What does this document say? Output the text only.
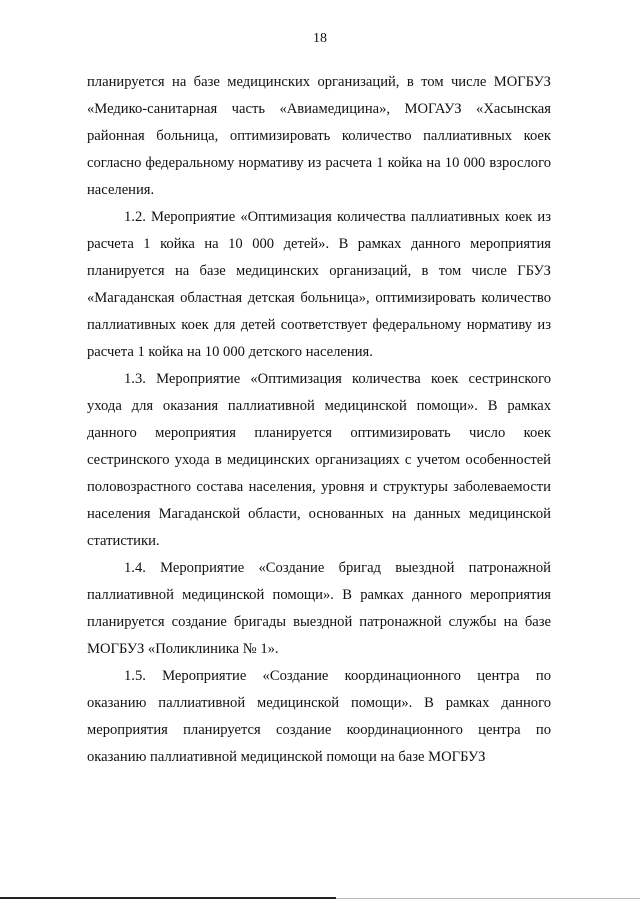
18

планируется на базе медицинских организаций, в том числе МОГБУЗ «Медико-санитарная часть «Авиамедицина», МОГАУЗ «Хасынская районная больница, оптимизировать количество паллиативных коек согласно федеральному нормативу из расчета 1 койка на 10 000 взрослого населения.

1.2. Мероприятие «Оптимизация количества паллиативных коек из расчета 1 койка на 10 000 детей». В рамках данного мероприятия планируется на базе медицинских организаций, в том числе ГБУЗ «Магаданская областная детская больница», оптимизировать количество паллиативных коек для детей соответствует федеральному нормативу из расчета 1 койка на 10 000 детского населения.

1.3. Мероприятие «Оптимизация количества коек сестринского ухода для оказания паллиативной медицинской помощи». В рамках данного мероприятия планируется оптимизировать число коек сестринского ухода в медицинских организациях с учетом особенностей половозрастного состава населения, уровня и структуры заболеваемости населения Магаданской области, основанных на данных медицинской статистики.

1.4. Мероприятие «Создание бригад выездной патронажной паллиативной медицинской помощи». В рамках данного мероприятия планируется создание бригады выездной патронажной службы на базе МОГБУЗ «Поликлиника № 1».

1.5. Мероприятие «Создание координационного центра по оказанию паллиативной медицинской помощи». В рамках данного мероприятия планируется создание координационного центра по оказанию паллиативной медицинской помощи на базе МОГБУЗ
